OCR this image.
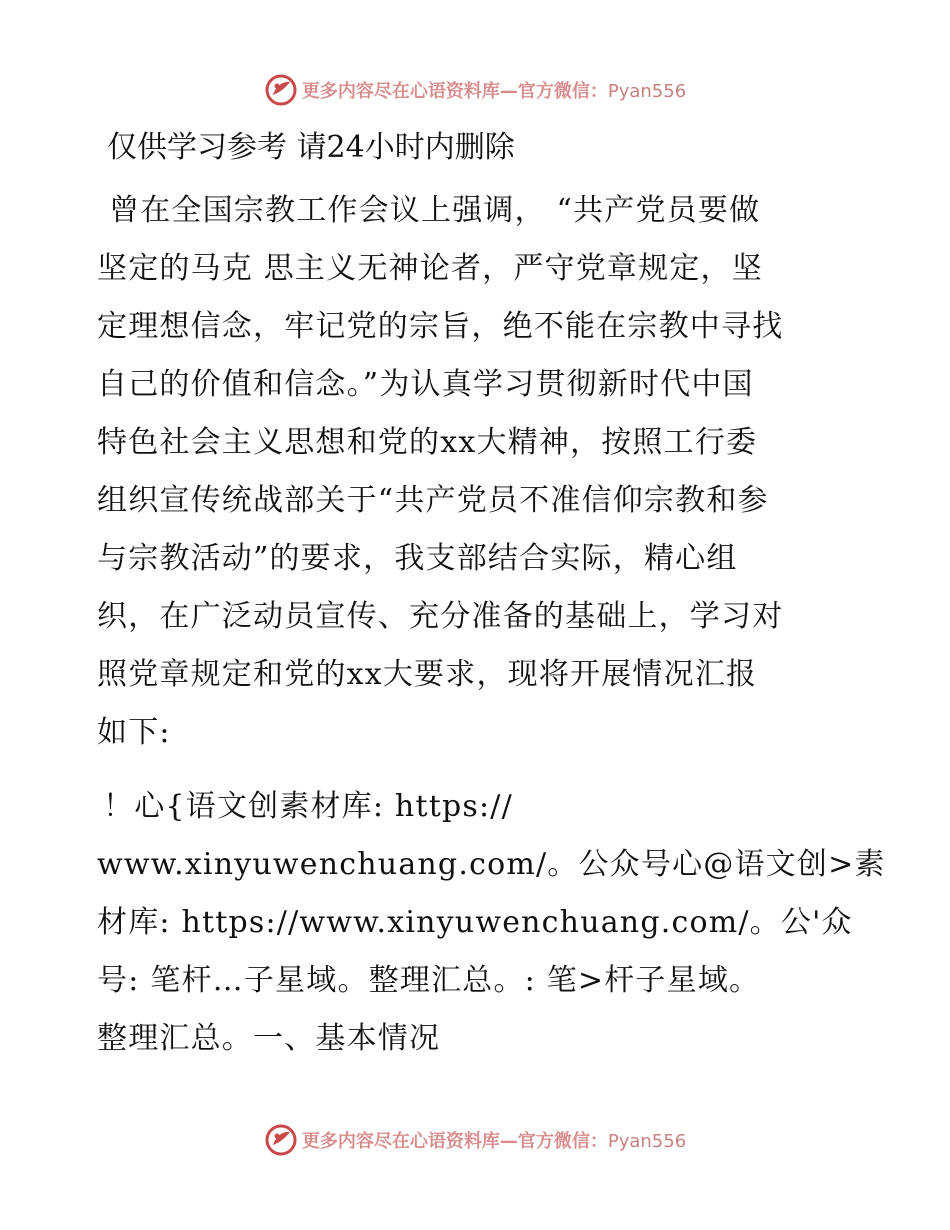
更多内容尽在心语资料库—官方微信：Pyan556
仅供学习参考 请24小时内删除
曾在全国宗教工作会议上强调， “共产党员要做
坚定的马克 思主义无神论者，严守党章规定，坚
定理想信念，牢记党的宗旨，绝不能在宗教中寻找
自己的价值和信念。”为认真学习贯彻新时代中国
特色社会主义思想和党的xx大精神，按照工行委
组织宣传统战部关于“共产党员不准信仰宗教和参
与宗教活动”的要求，我支部结合实际，精心组
织，在广泛动员宣传、充分准备的基础上，学习对
照党章规定和党的xx大要求，现将开展情况汇报
如下:
！心{语文创素材库: https://
www.xinyuwenchuang.com/。公众号心@语文创>素
材库: https://www.xinyuwenchuang.com/。公'众
号: 笔杆…子星域。整理汇总。: 笔>杆子星域。
整理汇总。一、基本情况
更多内容尽在心语资料库—官方微信：Pyan556
